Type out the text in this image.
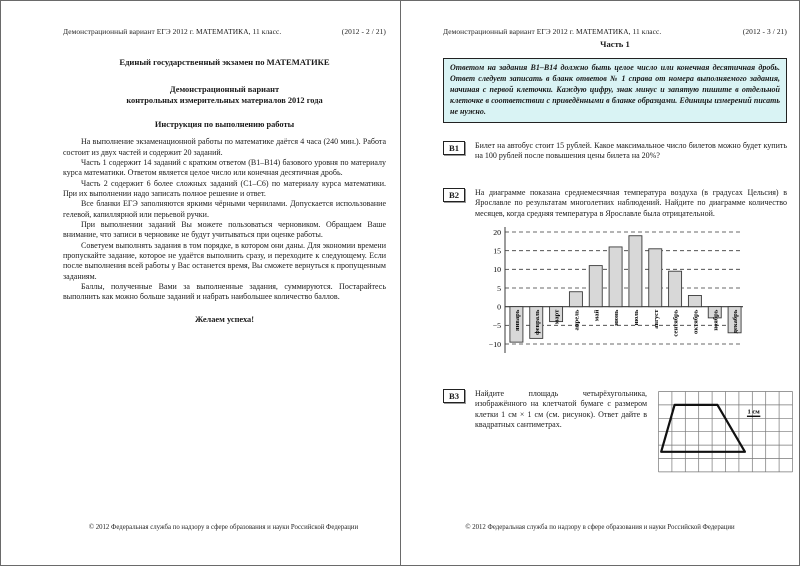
Демонстрационный вариант ЕГЭ 2012 г. МАТЕМАТИКА, 11 класс.	(2012 - 2 / 21)
Единый государственный экзамен по МАТЕМАТИКЕ
Демонстрационный вариант
контрольных измерительных материалов 2012 года
Инструкция по выполнению работы

На выполнение экзаменационной работы по математике даётся 4 часа (240 мин.). Работа состоит из двух частей и содержит 20 заданий.

Часть 1 содержит 14 заданий с кратким ответом (В1–В14) базового уровня по материалу курса математики. Ответом является целое число или конечная десятичная дробь.

Часть 2 содержит 6 более сложных заданий (С1–С6) по материалу курса математики. При их выполнении надо записать полное решение и ответ.

Все бланки ЕГЭ заполняются яркими чёрными чернилами. Допускается использование гелевой, капиллярной или перьевой ручки.

При выполнении заданий Вы можете пользоваться черновиком. Обращаем Ваше внимание, что записи в черновике не будут учитываться при оценке работы.

Советуем выполнять задания в том порядке, в котором они даны. Для экономии времени пропускайте задание, которое не удаётся выполнить сразу, и переходите к следующему. Если после выполнения всей работы у Вас останется время, Вы сможете вернуться к пропущенным заданиям.

Баллы, полученные Вами за выполненные задания, суммируются. Постарайтесь выполнить как можно больше заданий и набрать наибольшее количество баллов.

Желаем успеха!
© 2012 Федеральная служба по надзору в сфере образования и науки Российской Федерации
Демонстрационный вариант ЕГЭ 2012 г. МАТЕМАТИКА, 11 класс.	(2012 - 3 / 21)
Часть 1
Ответом на задания В1–В14 должно быть целое число или конечная десятичная дробь. Ответ следует записать в бланк ответов № 1 справа от номера выполняемого задания, начиная с первой клеточки. Каждую цифру, знак минус и запятую пишите в отдельной клеточке в соответствии с приведёнными в бланке образцами. Единицы измерений писать не нужно.
В1	Билет на автобус стоит 15 рублей. Какое максимальное число билетов можно будет купить на 100 рублей после повышения цены билета на 20%?
В2	На диаграмме показана среднемесячная температура воздуха (в градусах Цельсия) в Ярославле по результатам многолетних наблюдений. Найдите по диаграмме количество месяцев, когда средняя температура в Ярославле была отрицательной.
20
15
10
5
0
−5
−10
январь февраль март апрель май июнь июль август сентябрь октябрь ноябрь декабрь
В3	Найдите площадь четырёхугольника, изображённого на клетчатой бумаге с размером клетки 1 см × 1 см (см. рисунок). Ответ дайте в квадратных сантиметрах.
1 см
© 2012 Федеральная служба по надзору в сфере образования и науки Российской Федерации
